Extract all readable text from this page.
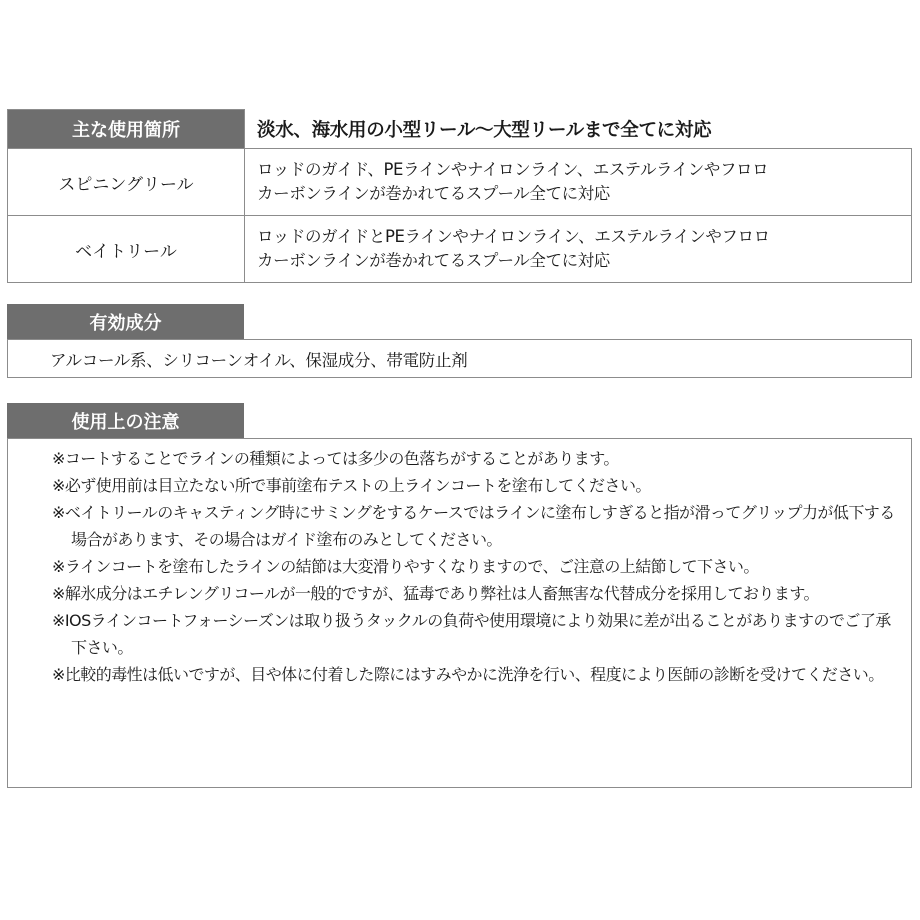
主な使用箇所	淡水、海水用の小型リール～大型リールまで全てに対応
スピニングリール	ロッドのガイド、PEラインやナイロンライン、エステルラインやフロロ
カーボンラインが巻かれてるスプール全てに対応

ベイトリール	ロッドのガイドとPEラインやナイロンライン、エステルラインやフロロ
カーボンラインが巻かれてるスプール全てに対応
有効成分
アルコール系、シリコーンオイル、保湿成分、帯電防止剤
使用上の注意
※コートすることでラインの種類によっては多少の色落ちがすることがあります。
※必ず使用前は目立たない所で事前塗布テストの上ラインコートを塗布してください。
※ベイトリールのキャスティング時にサミングをするケースではラインに塗布しすぎると指が滑ってグリップ力が低下する場合があります、その場合はガイド塗布のみとしてください。
※ラインコートを塗布したラインの結節は大変滑りやすくなりますので、ご注意の上結節して下さい。
※解氷成分はエチレングリコールが一般的ですが、猛毒であり弊社は人畜無害な代替成分を採用しております。
※IOSラインコートフォーシーズンは取り扱うタックルの負荷や使用環境により効果に差が出ることがありますのでご了承下さい。
※比較的毒性は低いですが、目や体に付着した際にはすみやかに洗浄を行い、程度により医師の診断を受けてください。
